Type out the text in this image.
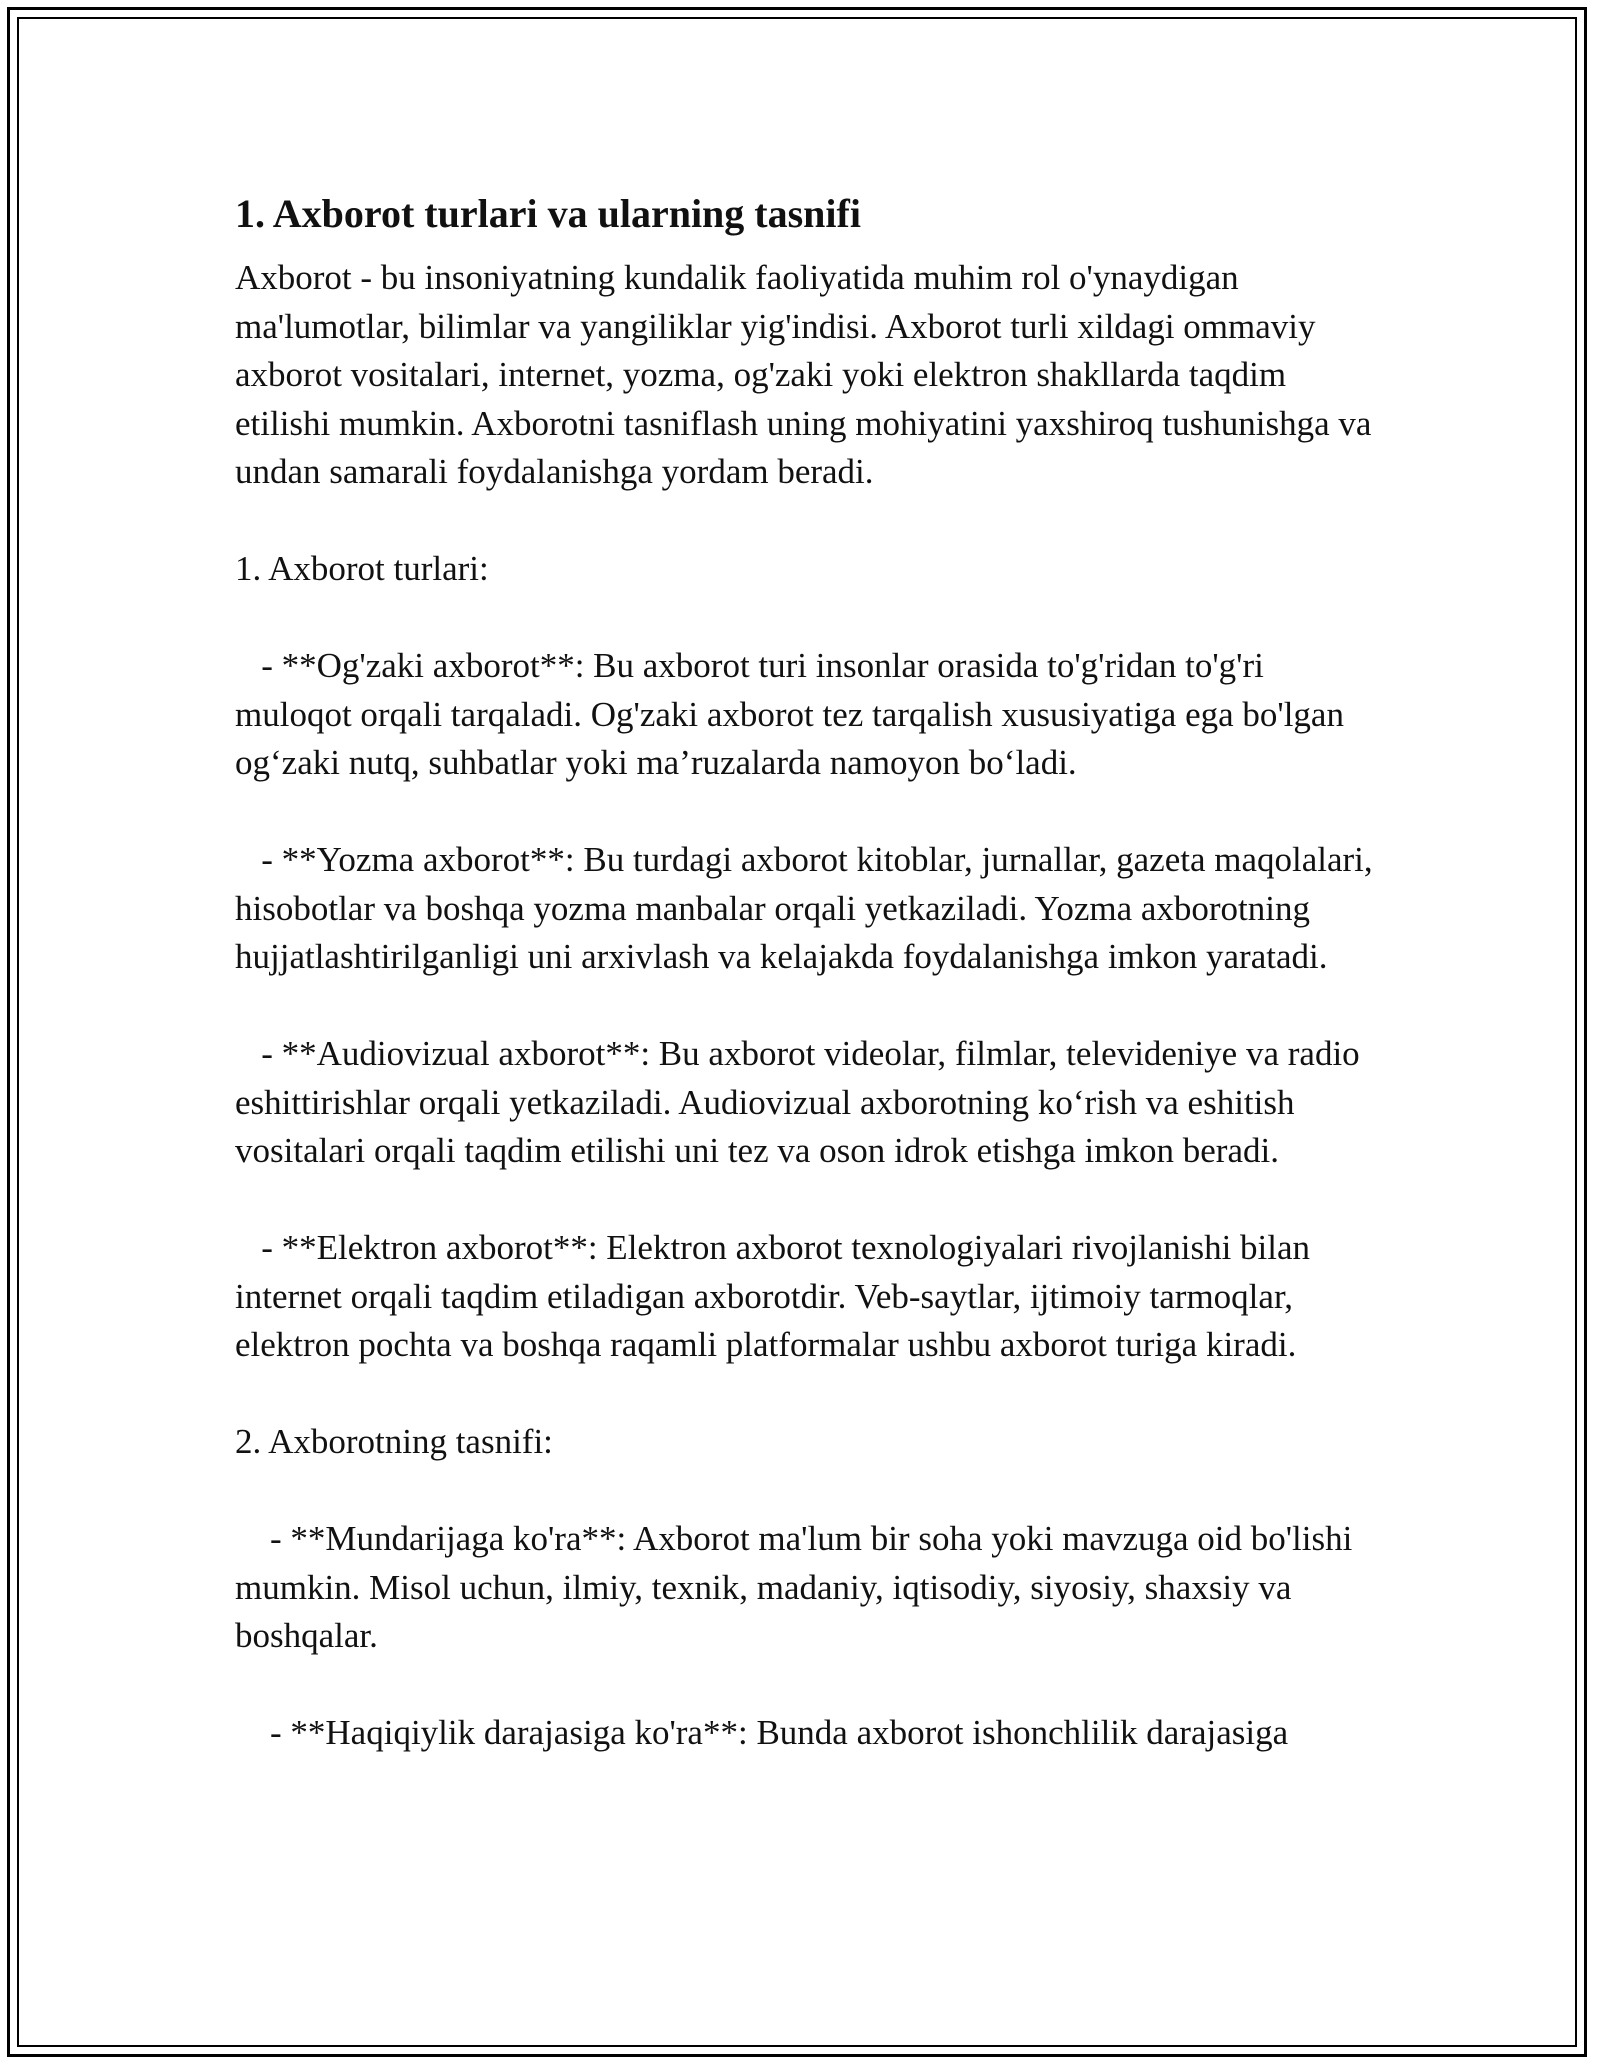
1. Axborot turlari va ularning tasnifi

Axborot - bu insoniyatning kundalik faoliyatida muhim rol o'ynaydigan ma'lumotlar, bilimlar va yangiliklar yig'indisi. Axborot turli xildagi ommaviy axborot vositalari, internet, yozma, og'zaki yoki elektron shakllarda taqdim etilishi mumkin. Axborotni tasniflash uning mohiyatini yaxshiroq tushunishga va undan samarali foydalanishga yordam beradi.

1. Axborot turlari:

- **Og'zaki axborot**: Bu axborot turi insonlar orasida to'g'ridan to'g'ri muloqot orqali tarqaladi. Og'zaki axborot tez tarqalish xususiyatiga ega bo'lgan og‘zaki nutq, suhbatlar yoki ma’ruzalarda namoyon bo‘ladi.

- **Yozma axborot**: Bu turdagi axborot kitoblar, jurnallar, gazeta maqolalari, hisobotlar va boshqa yozma manbalar orqali yetkaziladi. Yozma axborotning hujjatlashtirilganligi uni arxivlash va kelajakda foydalanishga imkon yaratadi.

- **Audiovizual axborot**: Bu axborot videolar, filmlar, televideniye va radio eshittirishlar orqali yetkaziladi. Audiovizual axborotning ko‘rish va eshitish vositalari orqali taqdim etilishi uni tez va oson idrok etishga imkon beradi.

- **Elektron axborot**: Elektron axborot texnologiyalari rivojlanishi bilan internet orqali taqdim etiladigan axborotdir. Veb-saytlar, ijtimoiy tarmoqlar, elektron pochta va boshqa raqamli platformalar ushbu axborot turiga kiradi.

2. Axborotning tasnifi:

- **Mundarijaga ko'ra**: Axborot ma'lum bir soha yoki mavzuga oid bo'lishi mumkin. Misol uchun, ilmiy, texnik, madaniy, iqtisodiy, siyosiy, shaxsiy va boshqalar.

- **Haqiqiylik darajasiga ko'ra**: Bunda axborot ishonchlilik darajasiga
